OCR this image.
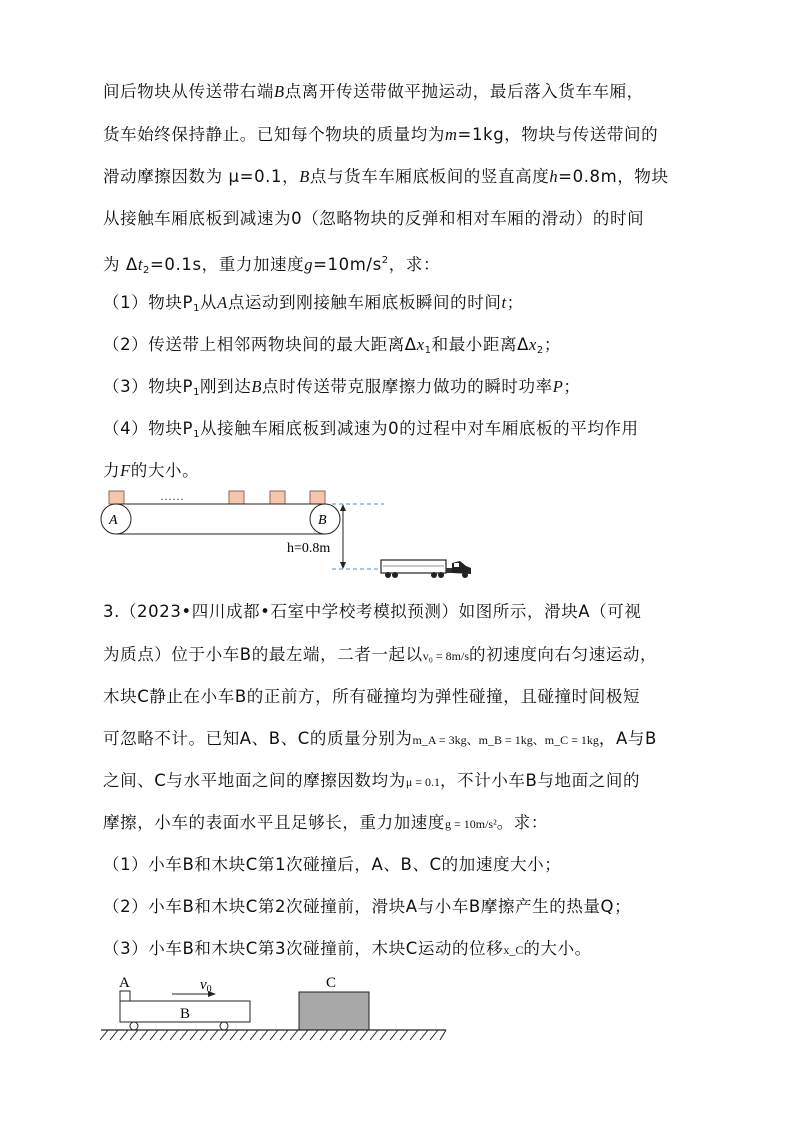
间后物块从传送带右端B点离开传送带做平抛运动，最后落入货车车厢，
货车始终保持静止。已知每个物块的质量均为m=1kg，物块与传送带间的
滑动摩擦因数为 μ=0.1，B点与货车车厢底板间的竖直高度h=0.8m，物块
从接触车厢底板到减速为0（忽略物块的反弹和相对车厢的滑动）的时间
为 $\Delta t_2=0.1s$，重力加速度$g=10m/s^2$，求：
（1）物块$P_1$从A点运动到刚接触车厢底板瞬间的时间t；
（2）传送带上相邻两物块间的最大距离$\Delta x_1$和最小距离$\Delta x_2$；
（3）物块$P_1$刚到达B点时传送带克服摩擦力做功的瞬时功率P；
（4）物块$P_1$从接触车厢底板到减速为0的过程中对车厢底板的平均作用
力F的大小。
……
A	B
h=0.8m
3.（2023•四川成都•石室中学校考模拟预测）如图所示，滑块A（可视
为质点）位于小车B的最左端，二者一起以v₀ = 8m/s的初速度向右匀速运动，
木块C静止在小车B的正前方，所有碰撞均为弹性碰撞，且碰撞时间极短
可忽略不计。已知A、B、C的质量分别为m_A = 3kg、m_B = 1kg、m_C = 1kg，A与B
之间、C与水平地面之间的摩擦因数均为μ = 0.1，不计小车B与地面之间的
摩擦，小车的表面水平且足够长，重力加速度g = 10m/s²。求：
（1）小车B和木块C第1次碰撞后，A、B、C的加速度大小；
（2）小车B和木块C第2次碰撞前，滑块A与小车B摩擦产生的热量Q；
（3）小车B和木块C第3次碰撞前，木块C运动的位移x_C的大小。
A	$v_0$
B
C
